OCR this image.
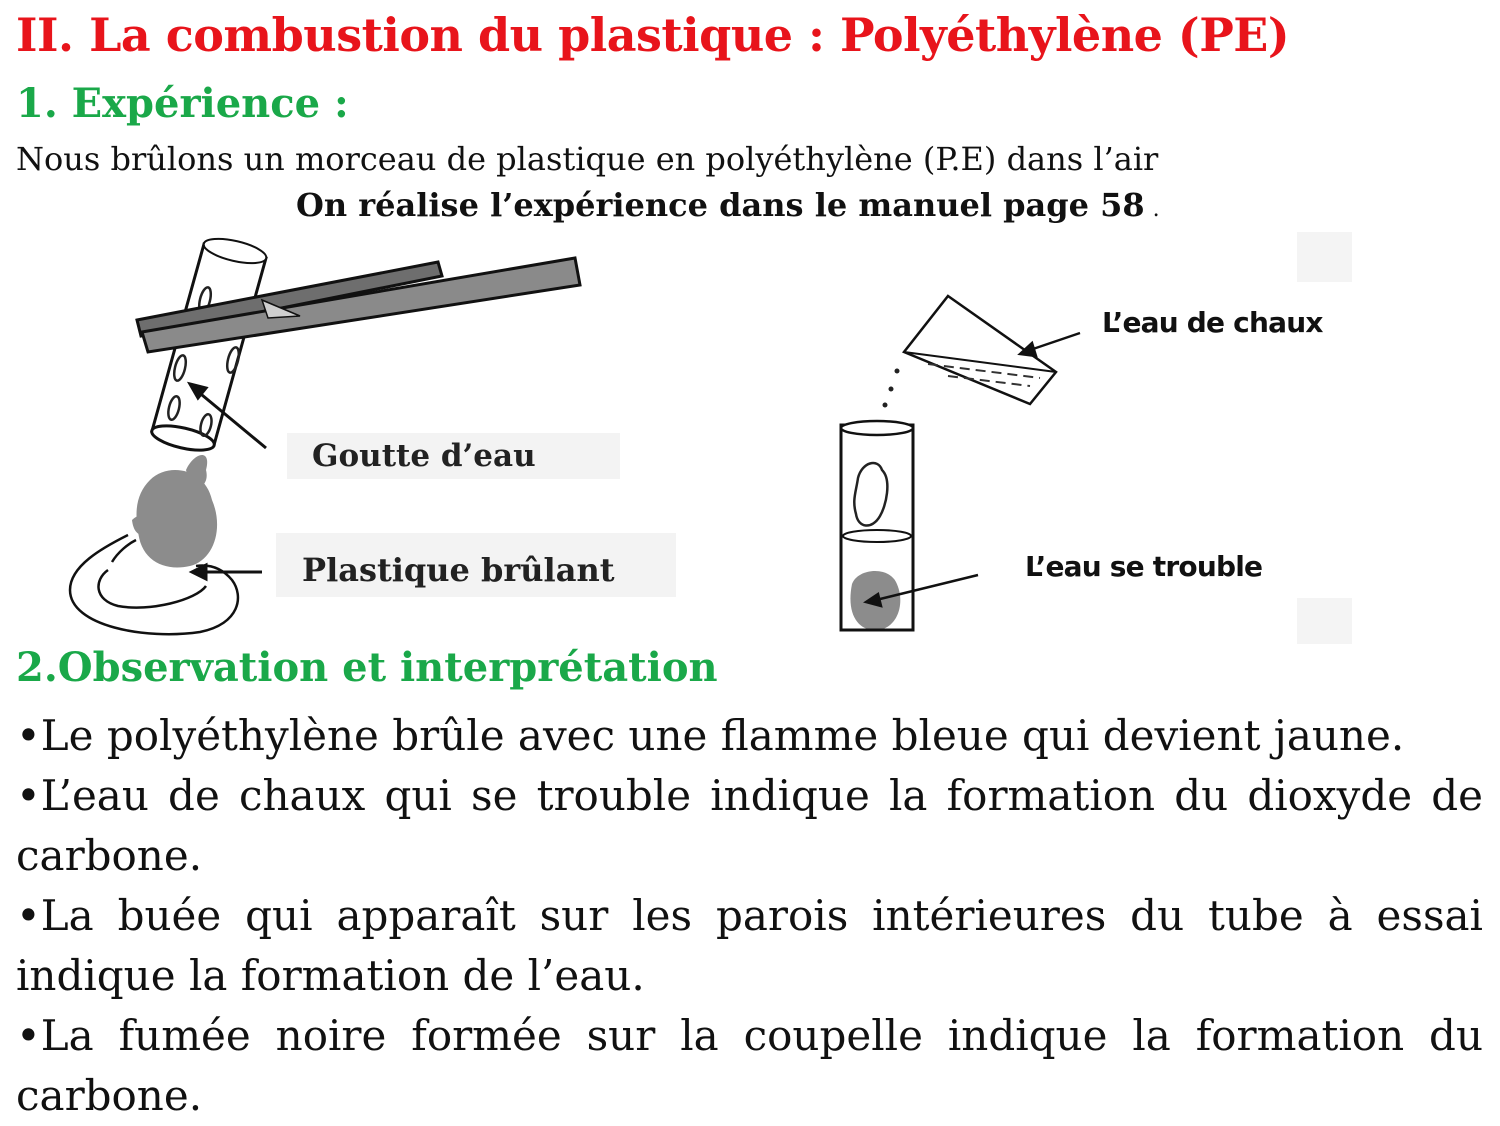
II. La combustion du plastique : Polyéthylène (PE)
1. Expérience :
Nous brûlons un morceau de plastique en polyéthylène (P.E) dans l’air
On réalise l’expérience dans le manuel page 58 .
Goutte d’eau
Plastique brûlant
L’eau de chaux
L’eau se trouble
2.Observation et interprétation

•Le polyéthylène brûle avec une flamme bleue qui devient jaune.

•L’eau de chaux qui se trouble indique la formation du dioxyde de carbone.

•La buée qui apparaît sur les parois intérieures du tube à essai indique la formation de l’eau.

•La fumée noire formée sur la coupelle indique la formation du carbone.
